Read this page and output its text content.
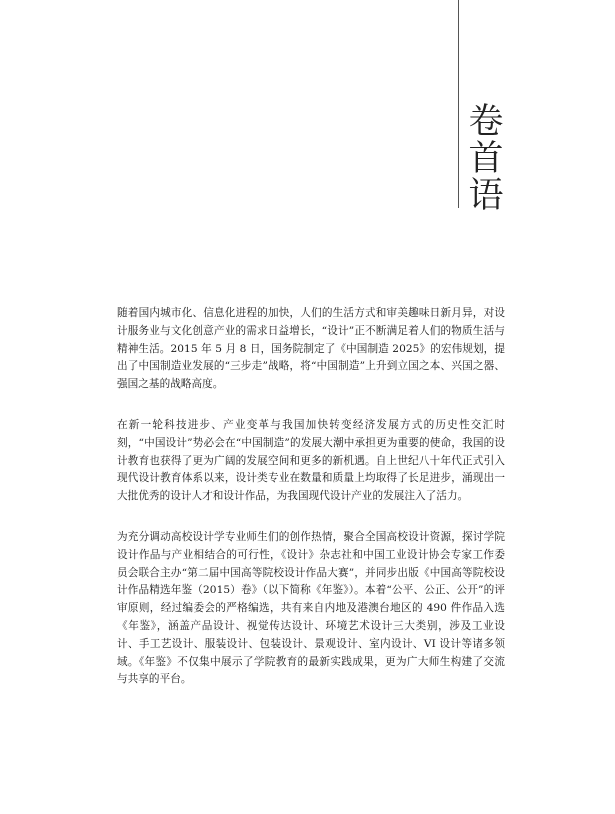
卷
首
语

随着国内城市化、信息化进程的加快，人们的生活方式和审美趣味日新月异，对设计服务业与文化创意产业的需求日益增长，“设计”正不断满足着人们的物质生活与精神生活。2015 年 5 月 8 日，国务院制定了《中国制造 2025》的宏伟规划，提出了中国制造业发展的“三步走”战略，将“中国制造”上升到立国之本、兴国之器、强国之基的战略高度。

在新一轮科技进步、产业变革与我国加快转变经济发展方式的历史性交汇时刻，“中国设计”势必会在“中国制造”的发展大潮中承担更为重要的使命，我国的设计教育也获得了更为广阔的发展空间和更多的新机遇。自上世纪八十年代正式引入现代设计教育体系以来，设计类专业在数量和质量上均取得了长足进步，涌现出一大批优秀的设计人才和设计作品，为我国现代设计产业的发展注入了活力。

为充分调动高校设计学专业师生们的创作热情，聚合全国高校设计资源，探讨学院设计作品与产业相结合的可行性，《设计》杂志社和中国工业设计协会专家工作委员会联合主办“第二届中国高等院校设计作品大赛”，并同步出版《中国高等院校设计作品精选年鉴（2015）卷》（以下简称《年鉴》）。本着“公平、公正、公开”的评审原则，经过编委会的严格编选，共有来自内地及港澳台地区的 490 件作品入选《年鉴》，涵盖产品设计、视觉传达设计、环境艺术设计三大类别，涉及工业设计、手工艺设计、服装设计、包装设计、景观设计、室内设计、VI 设计等诸多领域。《年鉴》不仅集中展示了学院教育的最新实践成果，更为广大师生构建了交流与共享的平台。
